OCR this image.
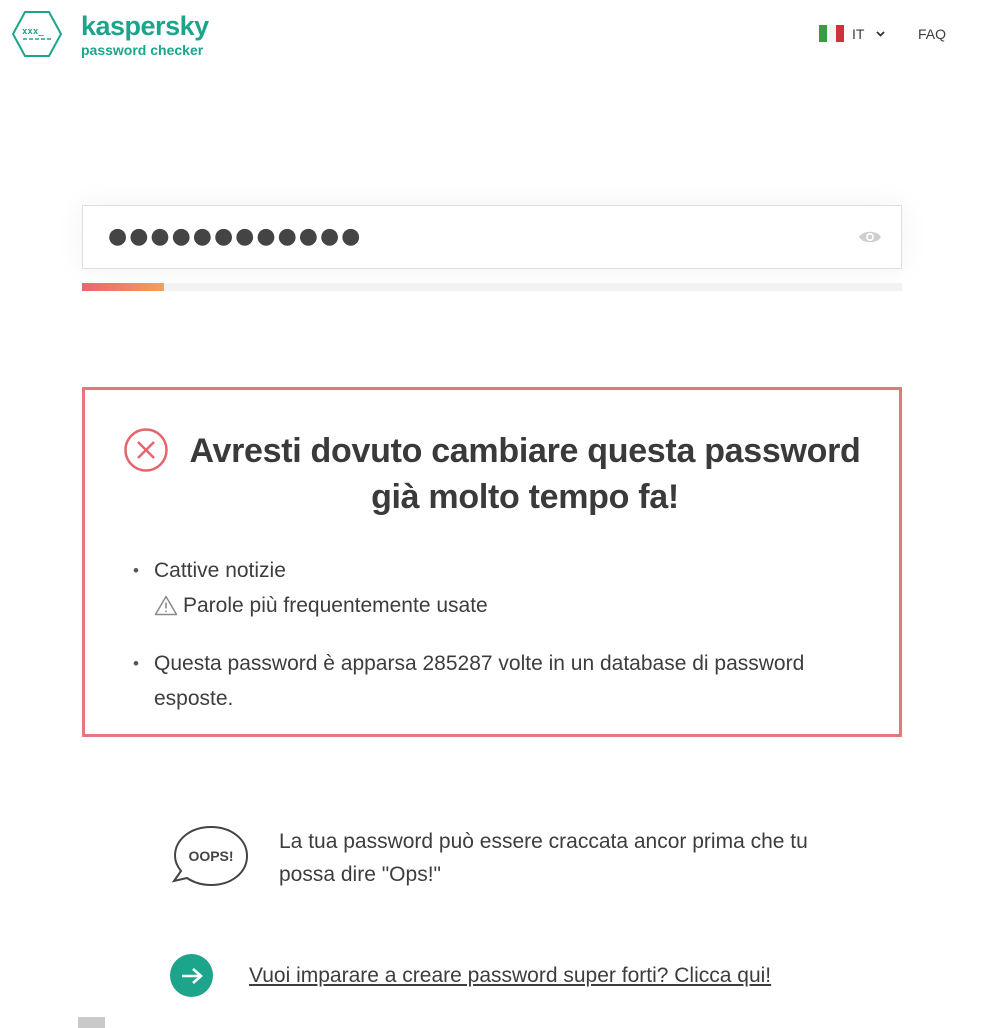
xxx_ kaspersky
password checker
IT	FAQ
●●●●●●●●●●●●
Avresti dovuto cambiare questa password già molto tempo fa!
• Cattive notizie
Parole più frequentemente usate
• Questa password è apparsa 285287 volte in un database di password esposte.
OOPS!
La tua password può essere craccata ancor prima che tu possa dire "Ops!"
Vuoi imparare a creare password super forti? Clicca qui!
